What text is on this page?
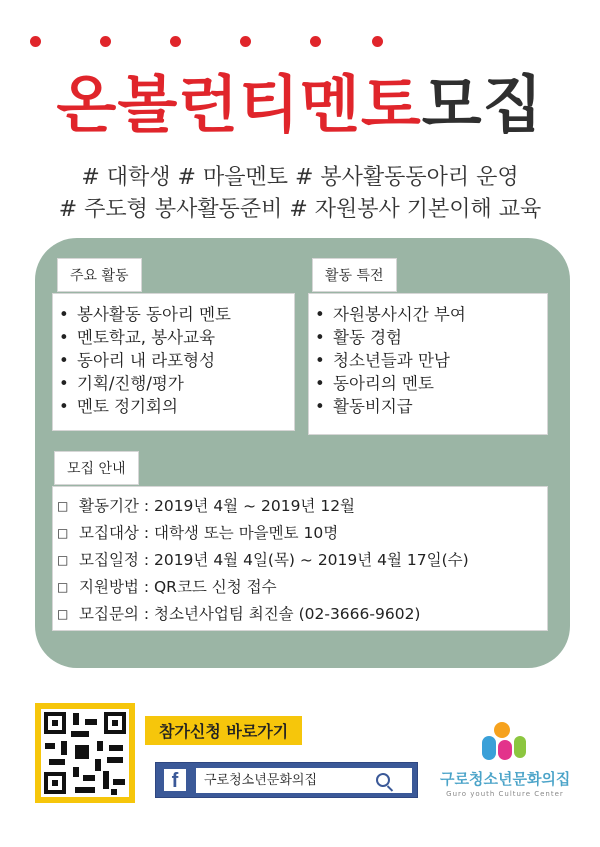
온볼런티멘토모집
# 대학생 # 마을멘토 # 봉사활동동아리 운영
# 주도형 봉사활동준비 # 자원봉사 기본이해 교육
주요 활동
• 봉사활동 동아리 멘토
• 멘토학교, 봉사교육
• 동아리 내 라포형성
• 기획/진행/평가
• 멘토 정기회의
활동 특전
• 자원봉사시간 부여
• 활동 경험
• 청소년들과 만남
• 동아리의 멘토
• 활동비지급
모집 안내
□ 활동기간 : 2019년 4월 ~ 2019년 12월
□ 모집대상 : 대학생 또는 마을멘토 10명
□ 모집일정 : 2019년 4월 4일(목) ~ 2019년 4월 17일(수)
□ 지원방법 : QR코드 신청 접수
□ 모집문의 : 청소년사업팀 최진솔 (02-3666-9602)
참가신청 바로가기
f	구로청소년문화의집	구로청소년문화의집
Guro youth Culture Center
